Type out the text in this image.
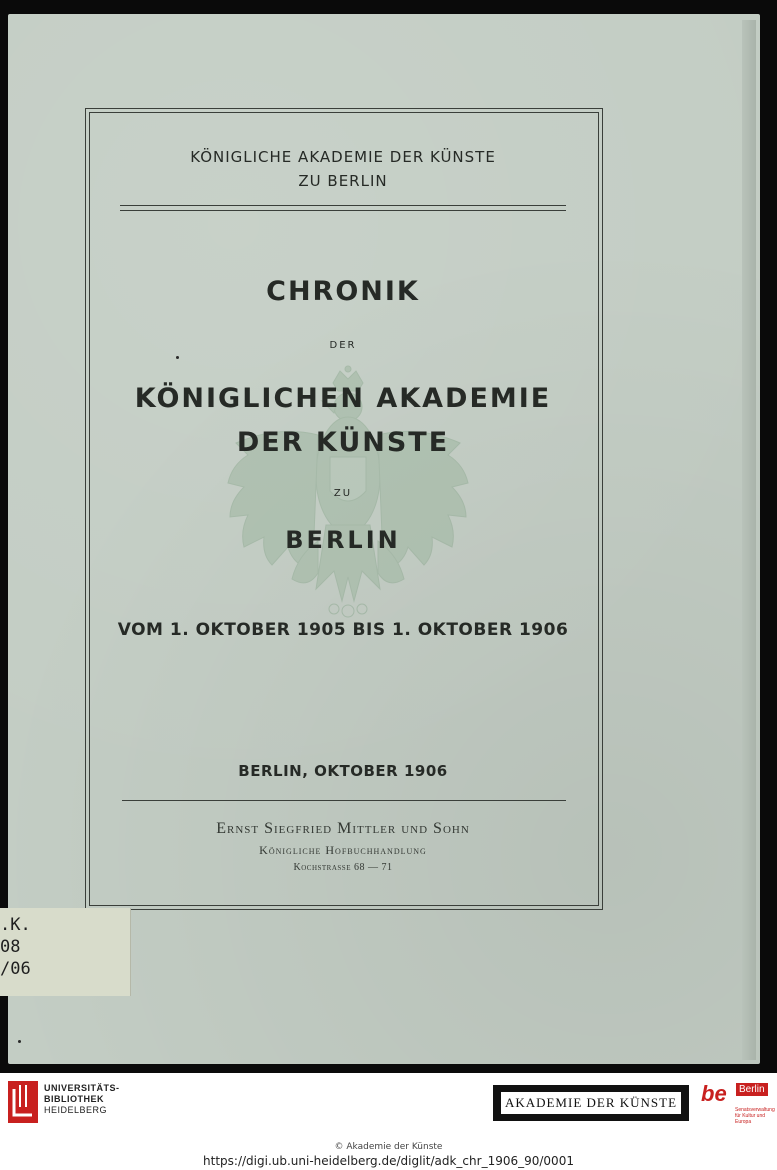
KÖNIGLICHE AKADEMIE DER KÜNSTE
ZU BERLIN
CHRONIK
DER
KÖNIGLICHEN AKADEMIE
DER KÜNSTE
ZU
BERLIN
VOM 1. OKTOBER 1905 BIS 1. OKTOBER 1906
BERLIN, OKTOBER 1906
Ernst Siegfried Mittler und Sohn
Königliche Hofbuchhandlung
Kochstrasse 68 — 71
.K.
08
/06
UNIVERSITÄTS-
BIBLIOTHEK
HEIDELBERG	AKADEMIE DER KÜNSTE be	Berlin
Senatsverwaltung
für Kultur und Europa
© Akademie der Künste
https://digi.ub.uni-heidelberg.de/diglit/adk_chr_1906_90/0001
